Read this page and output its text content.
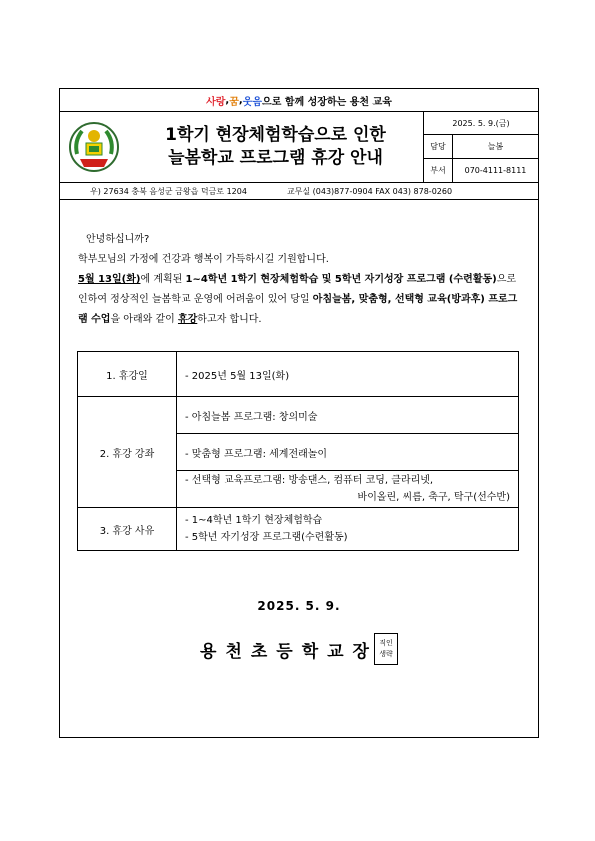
사랑 , 꿈 , 웃음 으로 함께 성장하는 용천 교육
1학기 현장체험학습으로 인한
늘봄학교 프로그램 휴강 안내
2025. 5. 9.(금)
담당	늘봄
부서	070-4111-8111
우) 27634 충북 음성군 금왕읍 덕금로 1204	교무실 (043)877-0904 FAX 043) 878-0260

안녕하십니까?

학부모님의 가정에 건강과 행복이 가득하시길 기원합니다.

5월 13일(화)에 계획된 1~4학년 1학기 현장체험학습 및 5학년 자기성장 프로그램 (수련활동)으로 인하여 정상적인 늘봄학교 운영에 어려움이 있어 당일 아침늘봄, 맞춤형, 선택형 교육(방과후) 프로그램 수업을 아래와 같이 휴강하고자 합니다.

1. 휴강일	- 2025년 5월 13일(화)
2. 휴강 강좌	- 아침늘봄 프로그램: 창의미술
	- 맞춤형 프로그램: 세계전래놀이

	- 선택형 교육프로그램: 방송댄스, 컴퓨터 코딩, 클라리넷,
바이올린, 씨름, 축구, 탁구(선수반)

3. 휴강 사유	- 1~4학년 1학기 현장체험학습
- 5학년 자기성장 프로그램(수련활동)
2025. 5. 9.
용천초등학교장 직인
생략
